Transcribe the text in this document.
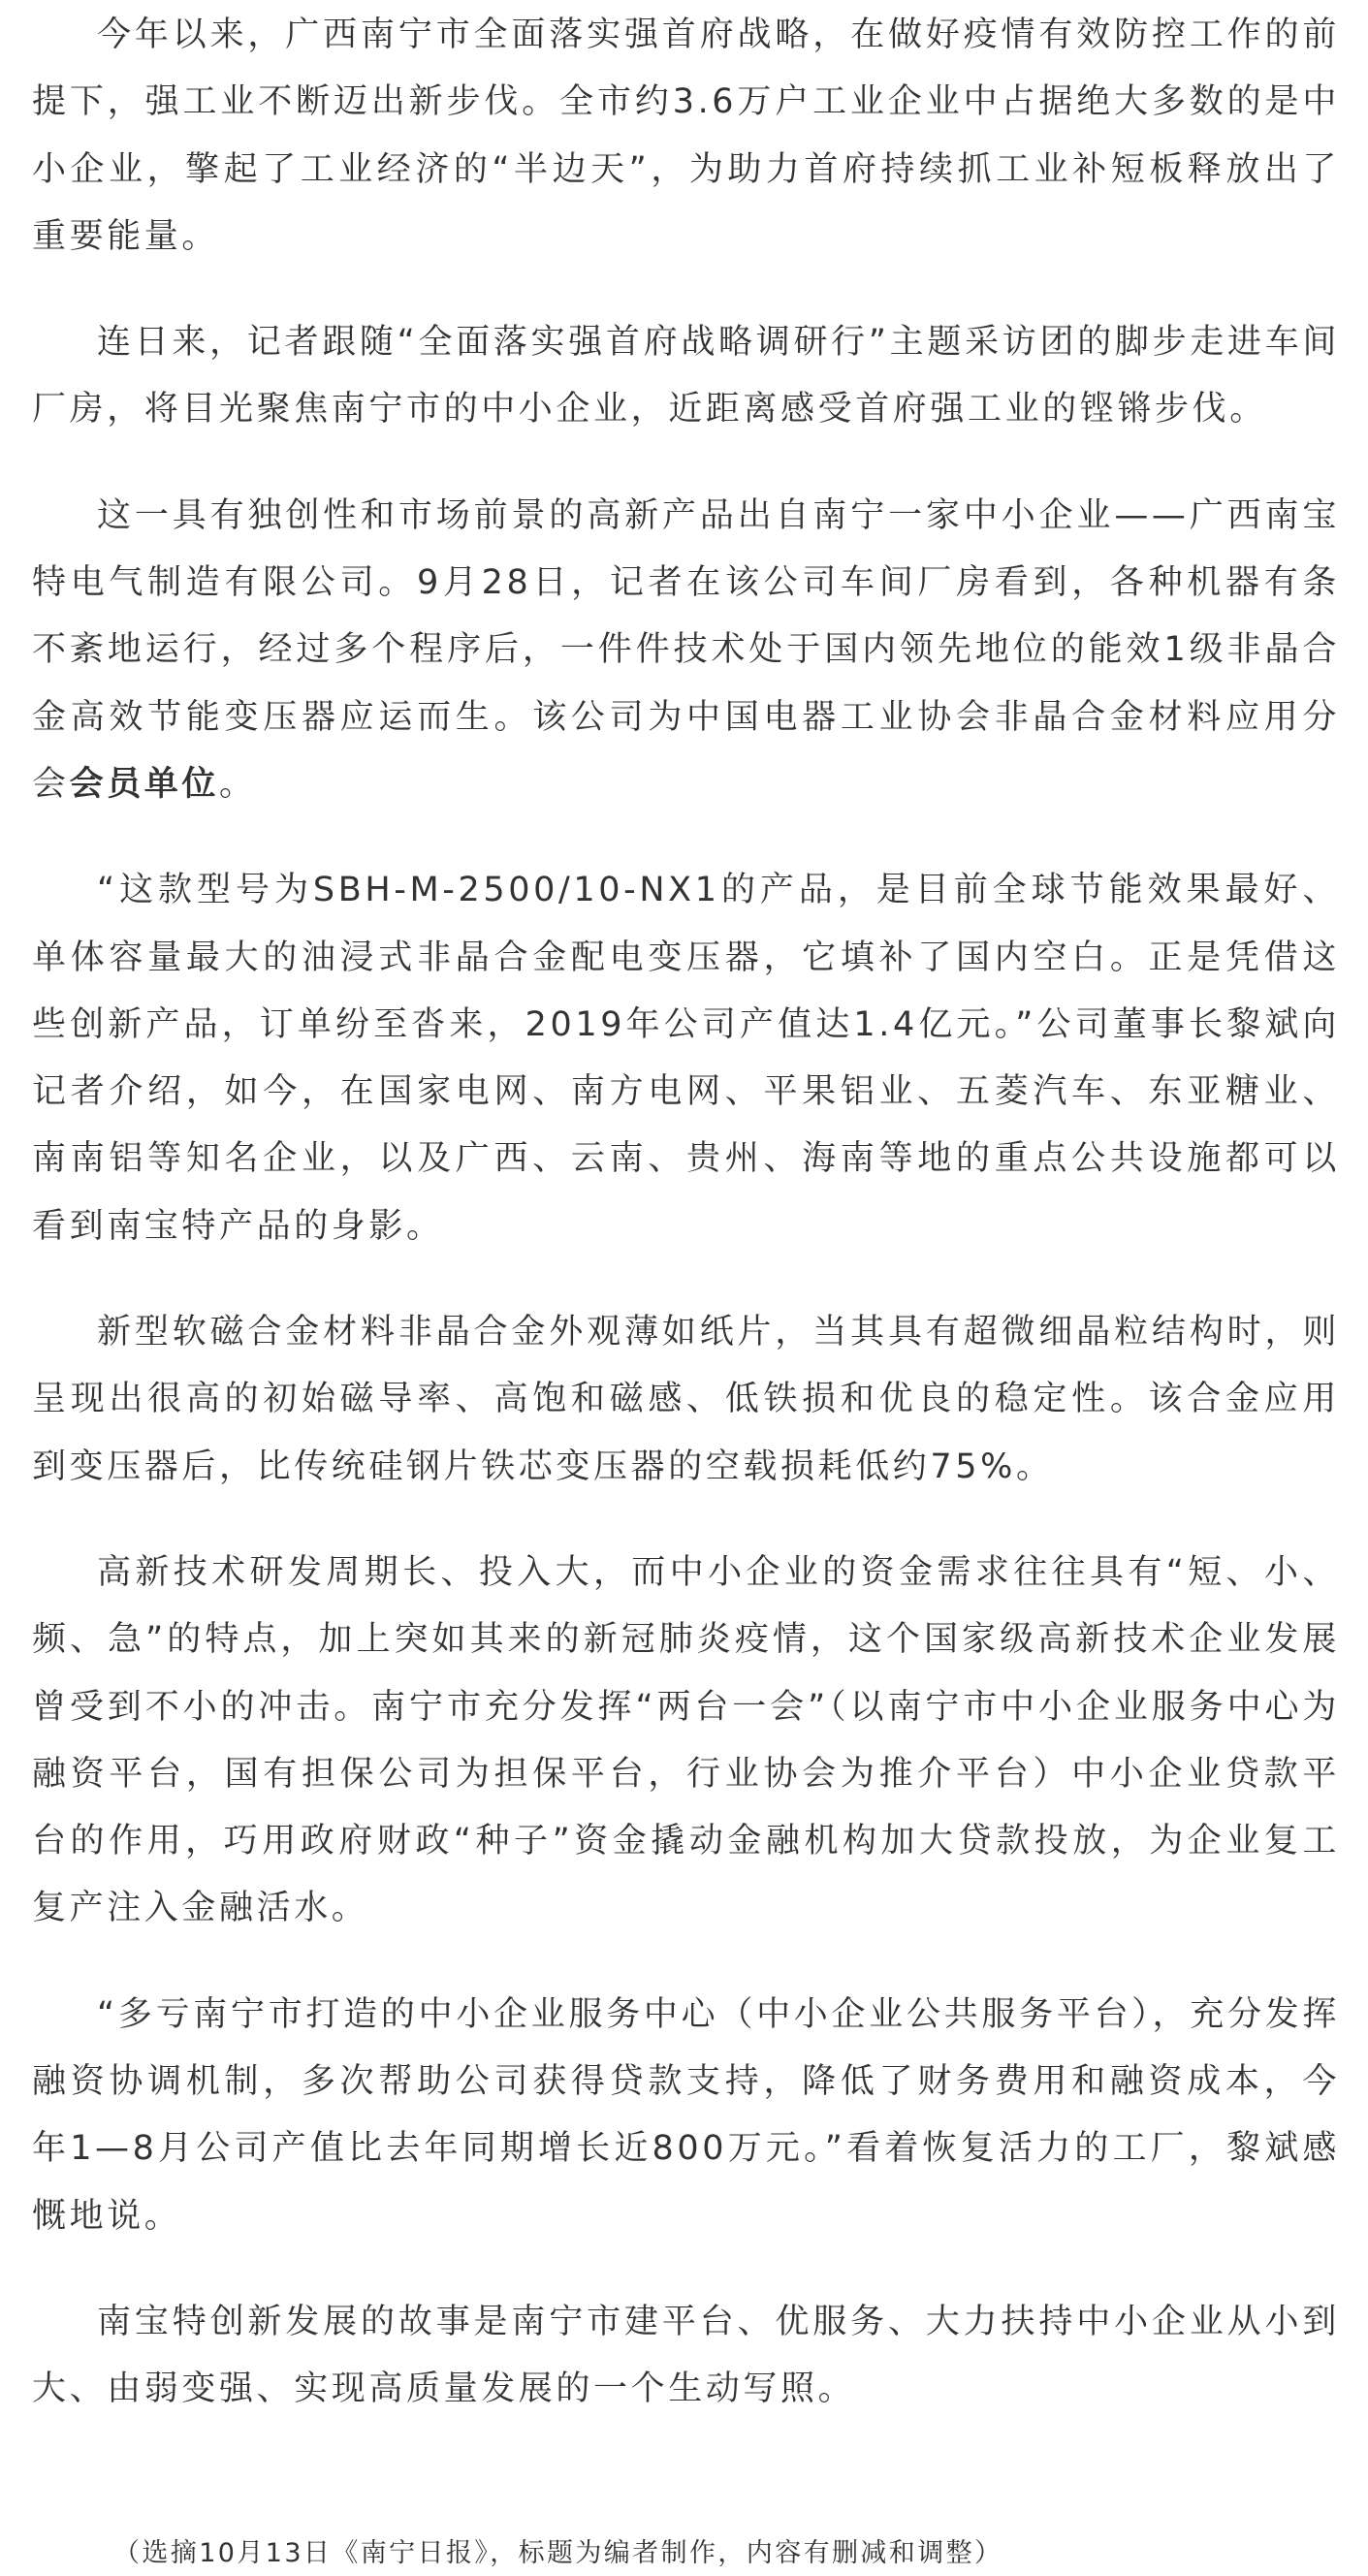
今年以来，广西南宁市全面落实强首府战略，在做好疫情有效防控工作的前提下，强工业不断迈出新步伐。全市约3.6万户工业企业中占据绝大多数的是中小企业，擎起了工业经济的“半边天”，为助力首府持续抓工业补短板释放出了重要能量。

连日来，记者跟随“全面落实强首府战略调研行”主题采访团的脚步走进车间厂房，将目光聚焦南宁市的中小企业，近距离感受首府强工业的铿锵步伐。

这一具有独创性和市场前景的高新产品出自南宁一家中小企业——广西南宝特电气制造有限公司。9月28日，记者在该公司车间厂房看到，各种机器有条不紊地运行，经过多个程序后，一件件技术处于国内领先地位的能效1级非晶合金高效节能变压器应运而生。该公司为中国电器工业协会非晶合金材料应用分会会员单位。

“这款型号为SBH-M-2500/10-NX1的产品，是目前全球节能效果最好、单体容量最大的油浸式非晶合金配电变压器，它填补了国内空白。正是凭借这些创新产品，订单纷至沓来，2019年公司产值达1.4亿元。”公司董事长黎斌向记者介绍，如今，在国家电网、南方电网、平果铝业、五菱汽车、东亚糖业、南南铝等知名企业，以及广西、云南、贵州、海南等地的重点公共设施都可以看到南宝特产品的身影。

新型软磁合金材料非晶合金外观薄如纸片，当其具有超微细晶粒结构时，则呈现出很高的初始磁导率、高饱和磁感、低铁损和优良的稳定性。该合金应用到变压器后，比传统硅钢片铁芯变压器的空载损耗低约75%。

高新技术研发周期长、投入大，而中小企业的资金需求往往具有“短、小、频、急”的特点，加上突如其来的新冠肺炎疫情，这个国家级高新技术企业发展曾受到不小的冲击。南宁市充分发挥“两台一会”（以南宁市中小企业服务中心为融资平台，国有担保公司为担保平台，行业协会为推介平台）中小企业贷款平台的作用，巧用政府财政“种子”资金撬动金融机构加大贷款投放，为企业复工复产注入金融活水。

“多亏南宁市打造的中小企业服务中心（中小企业公共服务平台），充分发挥融资协调机制，多次帮助公司获得贷款支持，降低了财务费用和融资成本，今年1—8月公司产值比去年同期增长近800万元。”看着恢复活力的工厂，黎斌感慨地说。

南宝特创新发展的故事是南宁市建平台、优服务、大力扶持中小企业从小到大、由弱变强、实现高质量发展的一个生动写照。

（选摘10月13日《南宁日报》，标题为编者制作，内容有删减和调整）
